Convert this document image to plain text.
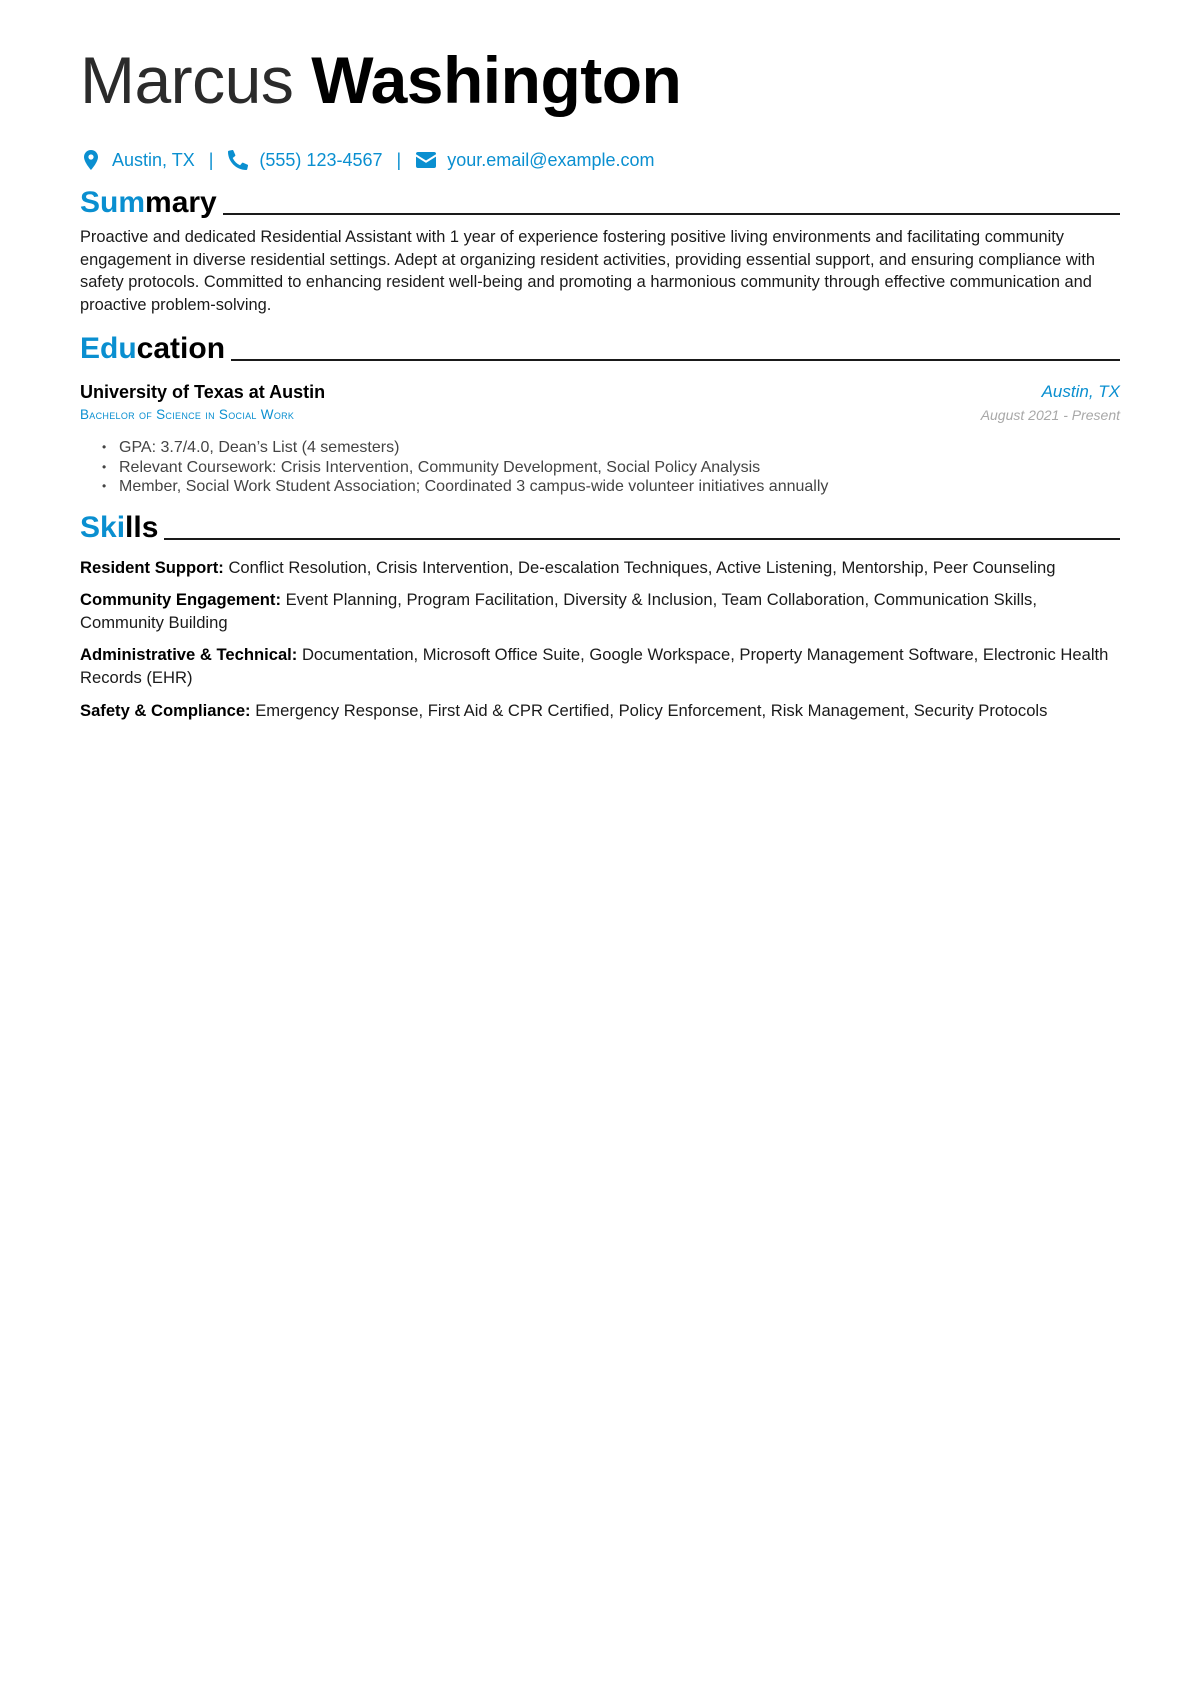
Marcus Washington
Austin, TX |	(555) 123-4567 |	your.email@example.com
Summary
Proactive and dedicated Residential Assistant with 1 year of experience fostering positive living environments and facilitating community engagement in diverse residential settings. Adept at organizing resident activities, providing essential support, and ensuring compliance with safety protocols. Committed to enhancing resident well-being and promoting a harmonious community through effective communication and proactive problem-solving.
Education
University of Texas at Austin	Austin, TX
Bachelor of Science in Social Work	August 2021 - Present
• GPA: 3.7/4.0, Dean’s List (4 semesters)
• Relevant Coursework: Crisis Intervention, Community Development, Social Policy Analysis
• Member, Social Work Student Association; Coordinated 3 campus-wide volunteer initiatives annually
Skills
Resident Support: Conflict Resolution, Crisis Intervention, De-escalation Techniques, Active Listening, Mentorship, Peer Counseling
Community Engagement: Event Planning, Program Facilitation, Diversity & Inclusion, Team Collaboration, Communication Skills, Community Building
Administrative & Technical: Documentation, Microsoft Office Suite, Google Workspace, Property Management Software, Electronic Health Records (EHR)
Safety & Compliance: Emergency Response, First Aid & CPR Certified, Policy Enforcement, Risk Management, Security Protocols
